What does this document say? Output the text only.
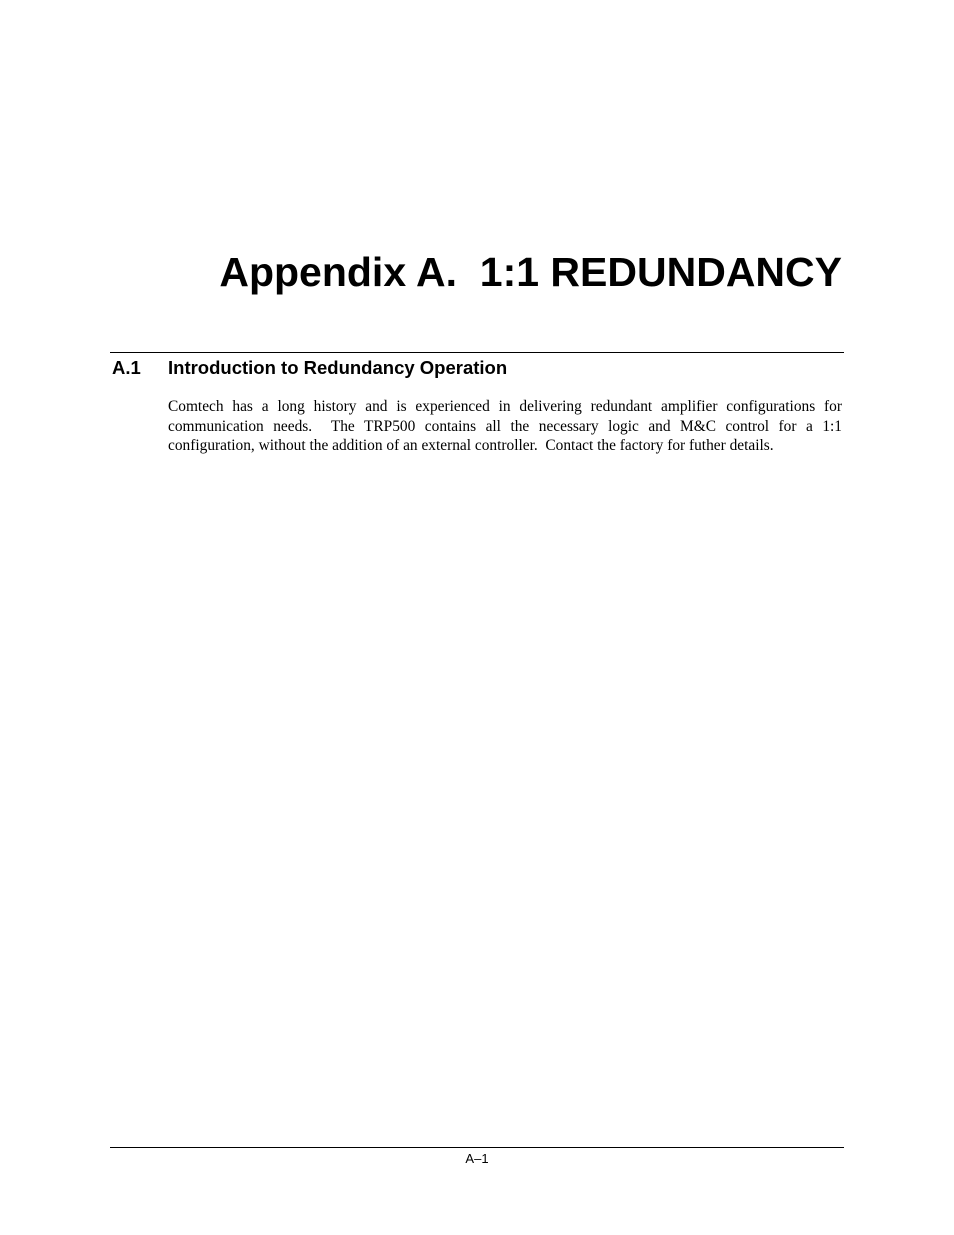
Appendix A.  1:1 REDUNDANCY
A.1 Introduction to Redundancy Operation

Comtech has a long history and is experienced in delivering redundant amplifier configurations for communication needs.  The TRP500 contains all the necessary logic and M&C control for a 1:1 configuration, without the addition of an external controller.  Contact the factory for futher details.

A–1
